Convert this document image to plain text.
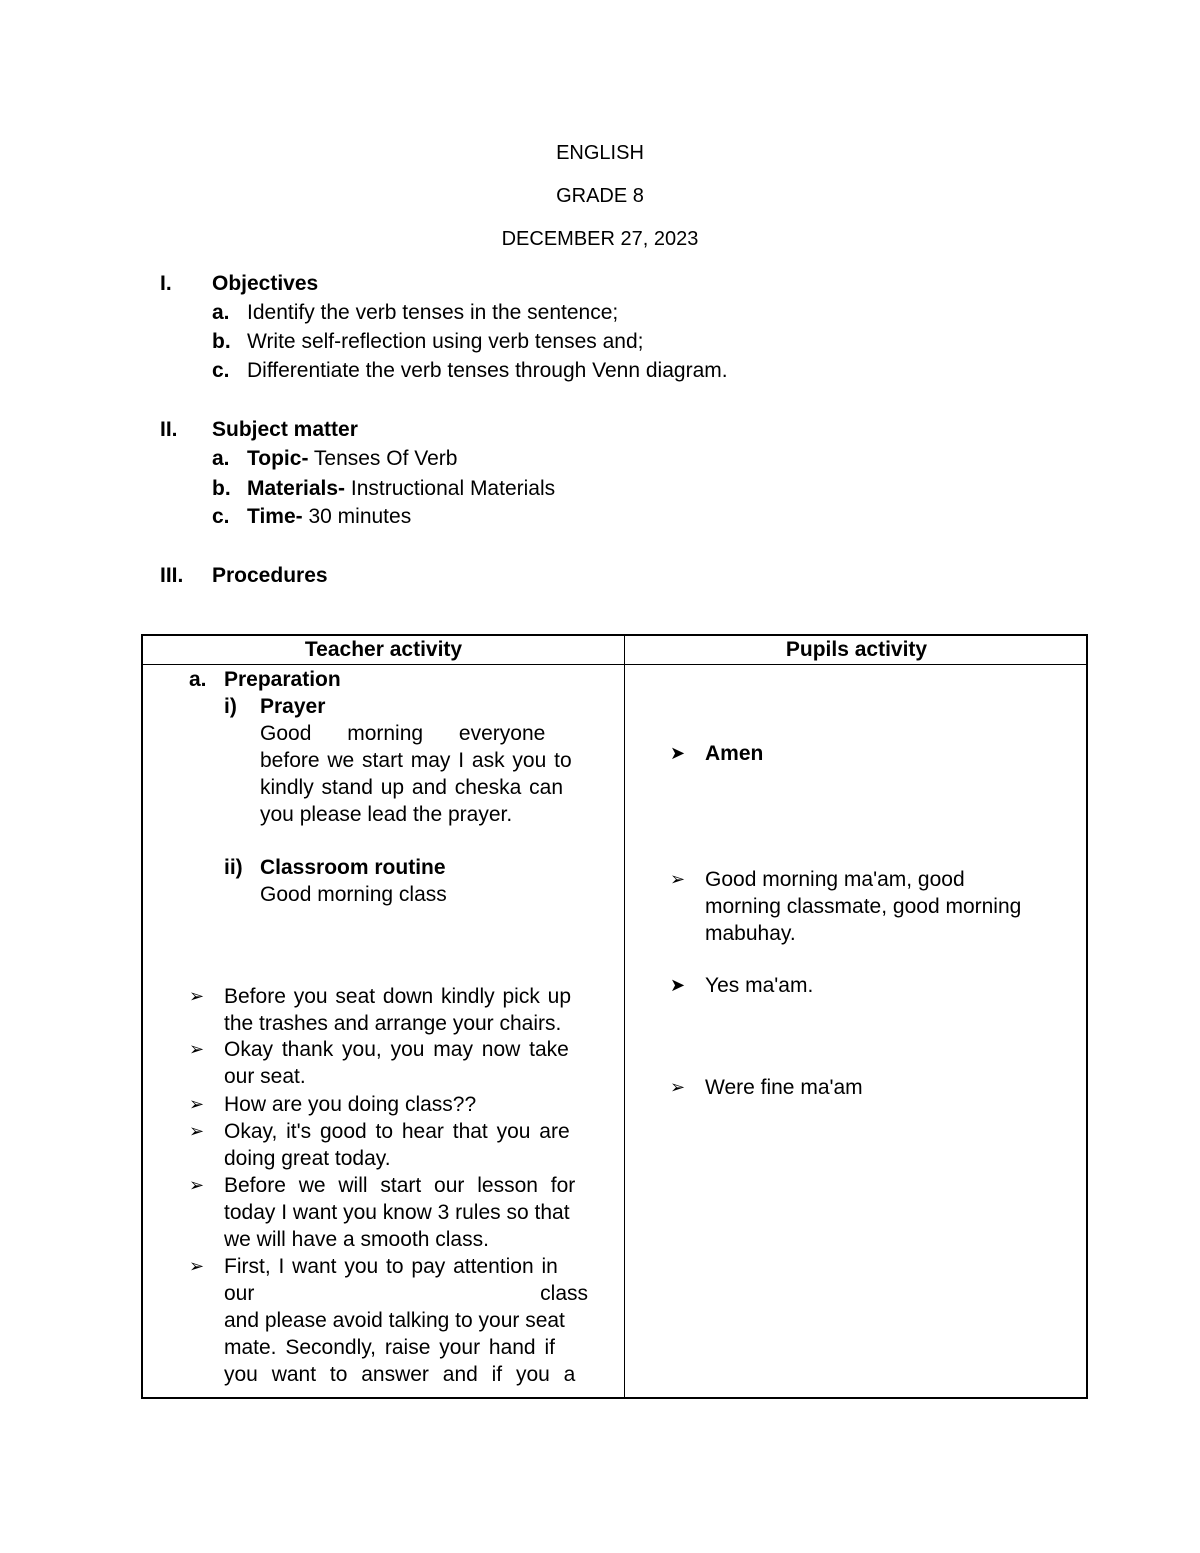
ENGLISH
GRADE 8
DECEMBER 27, 2023
I. Objectives
a. Identify the verb tenses in the sentence;
b. Write self-reflection using verb tenses and;
c. Differentiate the verb tenses through Venn diagram.
II. Subject matter
a. Topic- Tenses Of Verb
b. Materials- Instructional Materials
c. Time- 30 minutes
III. Procedures
Teacher activity	Pupils activity
a. Preparation
i) Prayer
Good morning everyone
before we start may I ask you to
kindly stand up and cheska can
you please lead the prayer.
ii) Classroom routine
Good morning class
➢ Before you seat down kindly pick up
the trashes and arrange your chairs.
➢ Okay thank you, you may now take
our seat.
➢ How are you doing class??
➢ Okay, it's good to hear that you are
doing great today.
➢ Before we will start our lesson for
today I want you know 3 rules so that
we will have a smooth class.
➢ First, I want you to pay attention in
our class
and please avoid talking to your seat
mate. Secondly, raise your hand if
you want to answer and if you a
➤ Amen
➢ Good morning ma'am, good
morning classmate, good morning
mabuhay.
➤ Yes ma'am.
➢ Were fine ma'am
